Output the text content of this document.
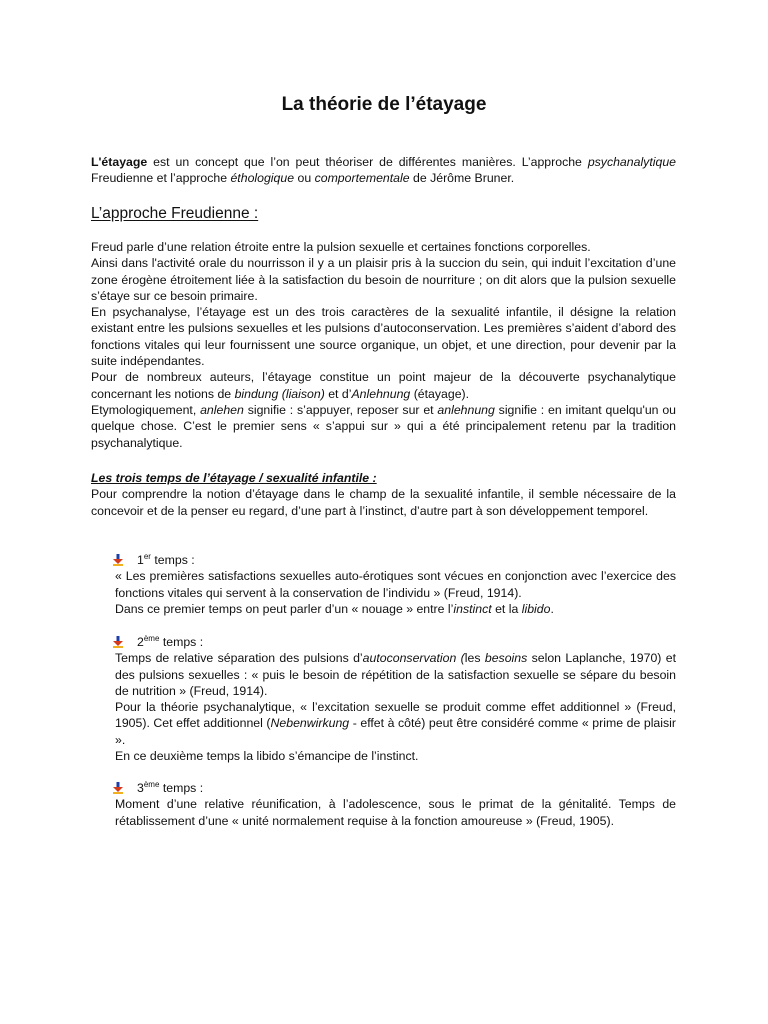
La théorie de l’étayage

L'étayage est un concept que l’on peut théoriser de différentes manières. L’approche psychanalytique Freudienne et l’approche éthologique ou comportementale de Jérôme Bruner.

L’approche Freudienne :

Freud parle d’une relation étroite entre la pulsion sexuelle et certaines fonctions corporelles.

Ainsi dans l'activité orale du nourrisson il y a un plaisir pris à la succion du sein, qui induit l’excitation d’une zone érogène étroitement liée à la satisfaction du besoin de nourriture ; on dit alors que la pulsion sexuelle s’étaye sur ce besoin primaire.

En psychanalyse, l’étayage est un des trois caractères de la sexualité infantile, il désigne la relation existant entre les pulsions sexuelles et les pulsions d’autoconservation. Les premières s’aident d’abord des fonctions vitales qui leur fournissent une source organique, un objet, et une direction, pour devenir par la suite indépendantes.

Pour de nombreux auteurs, l’étayage constitue un point majeur de la découverte psychanalytique concernant les notions de bindung (liaison) et d’Anlehnung (étayage).

Etymologiquement, anlehen signifie : s’appuyer, reposer sur et anlehnung signifie : en imitant quelqu'un ou quelque chose. C’est le premier sens « s’appui sur » qui a été principalement retenu par la tradition psychanalytique.

Les trois temps de l’étayage / sexualité infantile :

Pour comprendre la notion d’étayage dans le champ de la sexualité infantile, il semble nécessaire de la concevoir et de la penser eu regard, d’une part à l’instinct, d’autre part à son développement temporel.

1er temps :

« Les premières satisfactions sexuelles auto-érotiques sont vécues en conjonction avec l’exercice des fonctions vitales qui servent à la conservation de l’individu » (Freud, 1914).

Dans ce premier temps on peut parler d’un « nouage » entre l’instinct et la libido.

2ème temps :

Temps de relative séparation des pulsions d’autoconservation (les besoins selon Laplanche, 1970) et des pulsions sexuelles : « puis le besoin de répétition de la satisfaction sexuelle se sépare du besoin de nutrition » (Freud, 1914).

Pour la théorie psychanalytique, « l’excitation sexuelle se produit comme effet additionnel » (Freud, 1905). Cet effet additionnel (Nebenwirkung - effet à côté) peut être considéré comme « prime de plaisir ».

En ce deuxième temps la libido s’émancipe de l’instinct.

3ème temps :

Moment d’une relative réunification, à l’adolescence, sous le primat de la génitalité. Temps de rétablissement d’une « unité normalement requise à la fonction amoureuse » (Freud, 1905).
